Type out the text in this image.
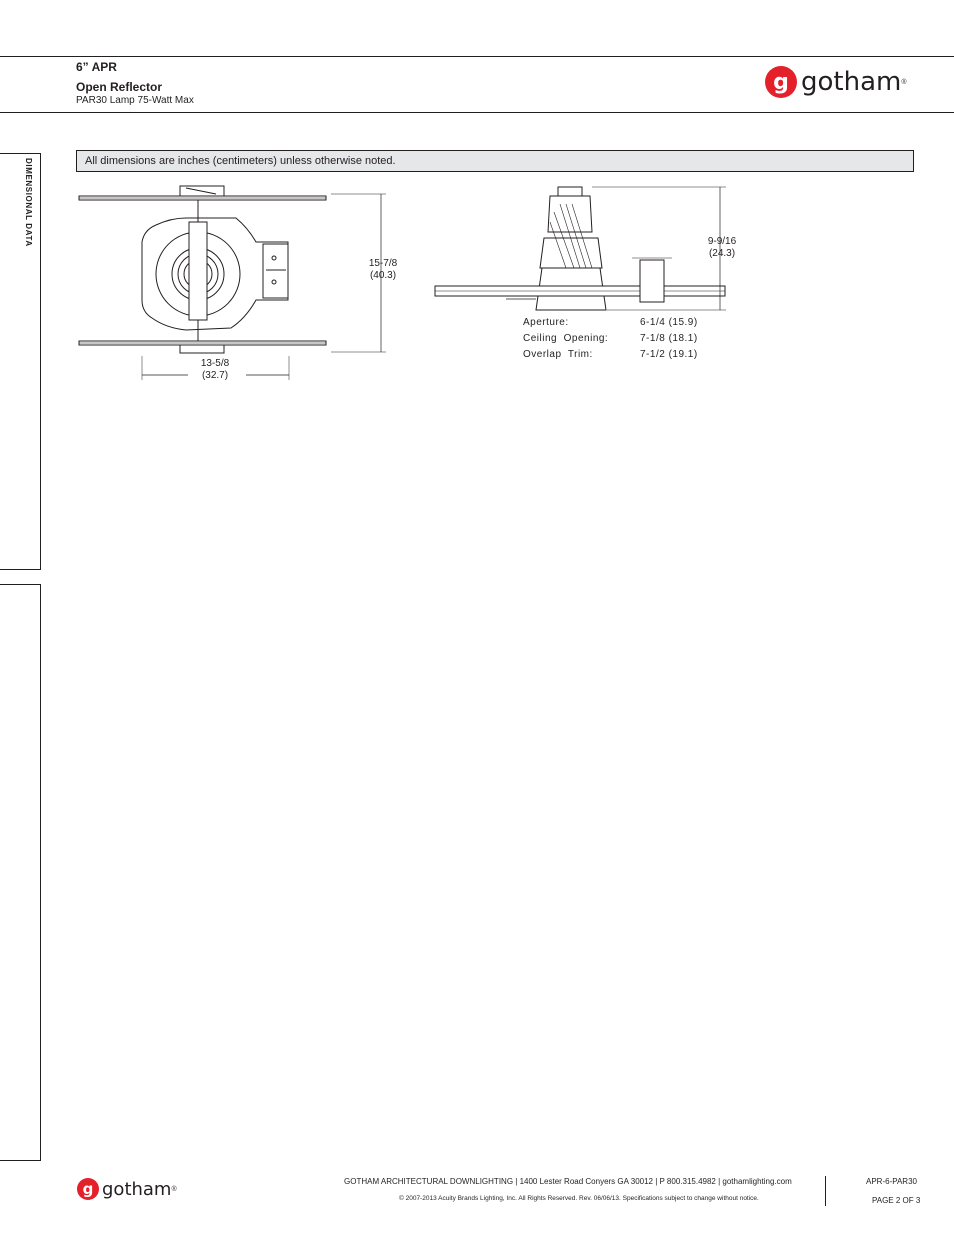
6” APR
Open Reflector
PAR30 Lamp 75-Watt Max
g gotham ®
DIMENSIONAL DATA	All dimensions are inches (centimeters) unless otherwise noted.
15-7/8
(40.3)
13-5/8
(32.7)
9-9/16
(24.3)
Aperture:	6-1/4 (15.9)
Ceiling  Opening:	7-1/8 (18.1)
Overlap  Trim:	7-1/2 (19.1)
g gotham ®
GOTHAM ARCHITECTURAL DOWNLIGHTING | 1400 Lester Road Conyers GA 30012 | P 800.315.4982 | gothamlighting.com
© 2007-2013 Acuity Brands Lighting, Inc. All Rights Reserved. Rev. 06/06/13. Specifications subject to change without notice.
APR-6-PAR30
PAGE 2 OF 3
